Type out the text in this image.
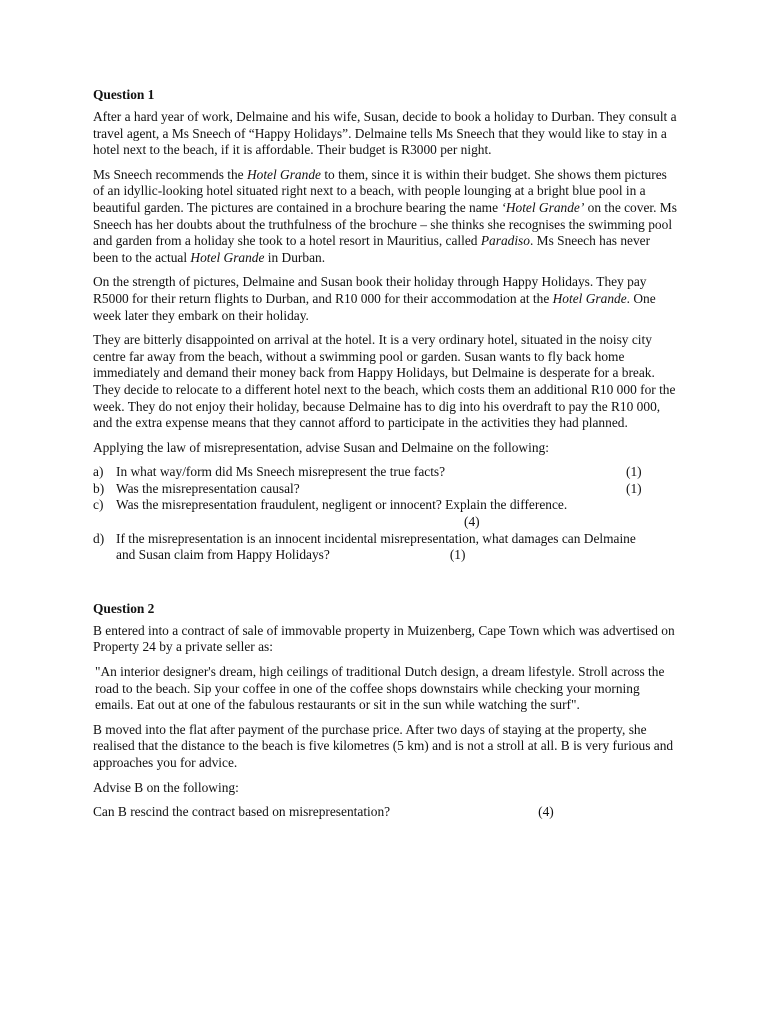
Question 1

After a hard year of work, Delmaine and his wife, Susan, decide to book a holiday to Durban. They consult a travel agent, a Ms Sneech of “Happy Holidays”. Delmaine tells Ms Sneech that they would like to stay in a hotel next to the beach, if it is affordable. Their budget is R3000 per night.

Ms Sneech recommends the Hotel Grande to them, since it is within their budget. She shows them pictures of an idyllic-looking hotel situated right next to a beach, with people lounging at a bright blue pool in a beautiful garden. The pictures are contained in a brochure bearing the name ‘Hotel Grande’ on the cover. Ms Sneech has her doubts about the truthfulness of the brochure – she thinks she recognises the swimming pool and garden from a holiday she took to a hotel resort in Mauritius, called Paradiso. Ms Sneech has never been to the actual Hotel Grande in Durban.

On the strength of pictures, Delmaine and Susan book their holiday through Happy Holidays. They pay R5000 for their return flights to Durban, and R10 000 for their accommodation at the Hotel Grande. One week later they embark on their holiday.

They are bitterly disappointed on arrival at the hotel. It is a very ordinary hotel, situated in the noisy city centre far away from the beach, without a swimming pool or garden. Susan wants to fly back home immediately and demand their money back from Happy Holidays, but Delmaine is desperate for a break. They decide to relocate to a different hotel next to the beach, which costs them an additional R10 000 for the week. They do not enjoy their holiday, because Delmaine has to dig into his overdraft to pay the R10 000, and the extra expense means that they cannot afford to participate in the activities they had planned.

Applying the law of misrepresentation, advise Susan and Delmaine on the following:

a) In what way/form did Ms Sneech misrepresent the true facts?	(1)
b) Was the misrepresentation causal?	(1)
c) Was the misrepresentation fraudulent, negligent or innocent? Explain the difference.
(4)
d) If the misrepresentation is an innocent incidental misrepresentation, what damages can Delmaine
and Susan claim from Happy Holidays?	(1)
Question 2

B entered into a contract of sale of immovable property in Muizenberg, Cape Town which was advertised on Property 24 by a private seller as:

"An interior designer's dream, high ceilings of traditional Dutch design, a dream lifestyle. Stroll across the road to the beach. Sip your coffee in one of the coffee shops downstairs while checking your morning emails. Eat out at one of the fabulous restaurants or sit in the sun while watching the surf".

B moved into the flat after payment of the purchase price. After two days of staying at the property, she realised that the distance to the beach is five kilometres (5 km) and is not a stroll at all. B is very furious and approaches you for advice.

Advise B on the following:

Can B rescind the contract based on misrepresentation?	(4)
